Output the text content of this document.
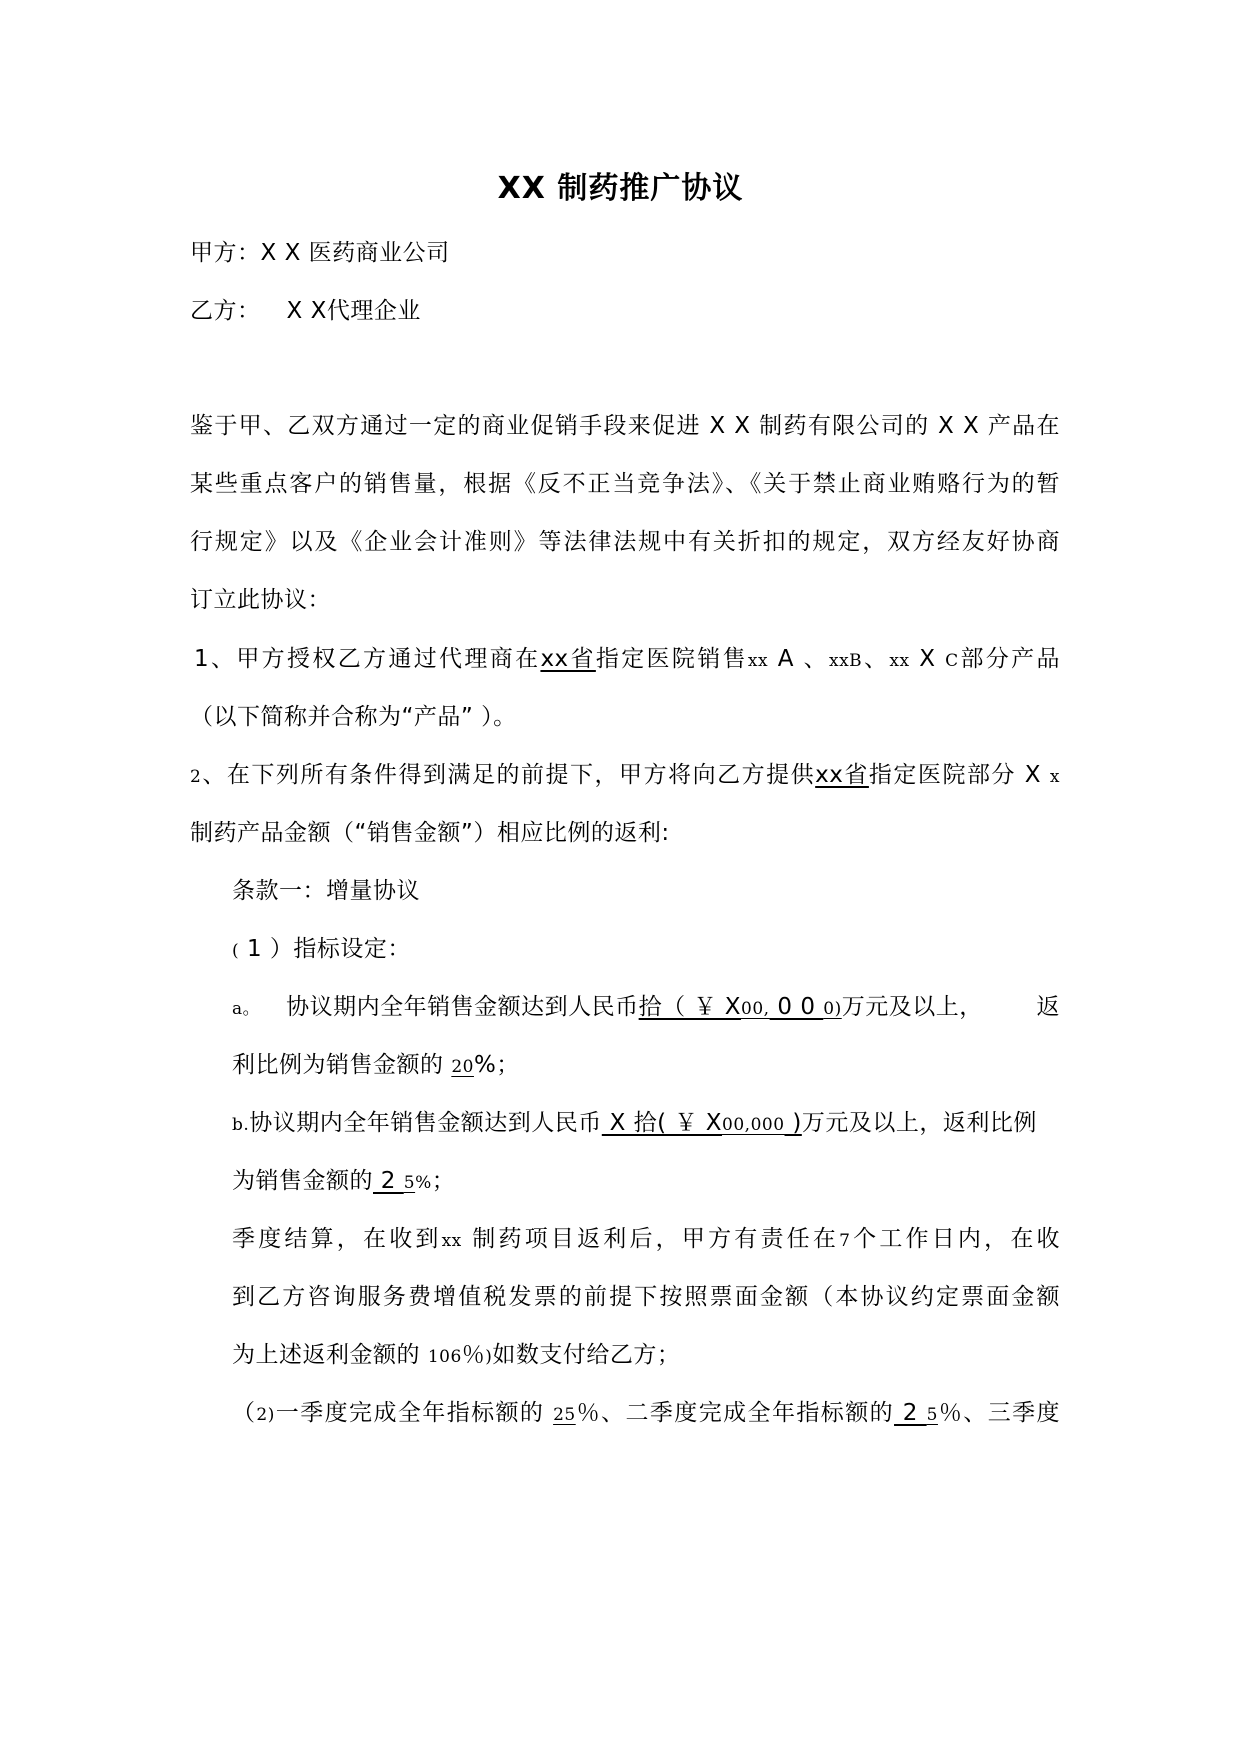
XX 制药推广协议
甲方：X X 医药商业公司
乙方： X X代理企业
鉴于甲、乙双方通过一定的商业促销手段来促进 X X 制药有限公司的 X X 产品在
某些重点客户的销售量，根据《反不正当竞争法》、《关于禁止商业贿赂行为的暂
行规定》以及《企业会计准则》等法律法规中有关折扣的规定，双方经友好协商
订立此协议：
1、甲方授权乙方通过代理商在xx省指定医院销售xx A 、xxB、xx X C部分产品
（以下简称并合称为“产品” ）。
2、在下列所有条件得到满足的前提下，甲方将向乙方提供xx省指定医院部分 X x
制药产品金额（“销售金额”）相应比例的返利:
条款一：增量协议
( 1 ）指标设定：
a。 协议期内全年销售金额达到人民币拾（ ￥ X00, 0 0 0)万元及以上， 返
利比例为销售金额的 20%；
b.协议期内全年销售金额达到人民币 X 拾( ￥ X00,000 )万元及以上，返利比例
为销售金额的 2 5%；
季度结算，在收到xx 制药项目返利后，甲方有责任在7个工作日内，在收
到乙方咨询服务费增值税发票的前提下按照票面金额（本协议约定票面金额
为上述返利金额的 106％)如数支付给乙方；
（2)一季度完成全年指标额的 25％、二季度完成全年指标额的 2 5％、三季度
